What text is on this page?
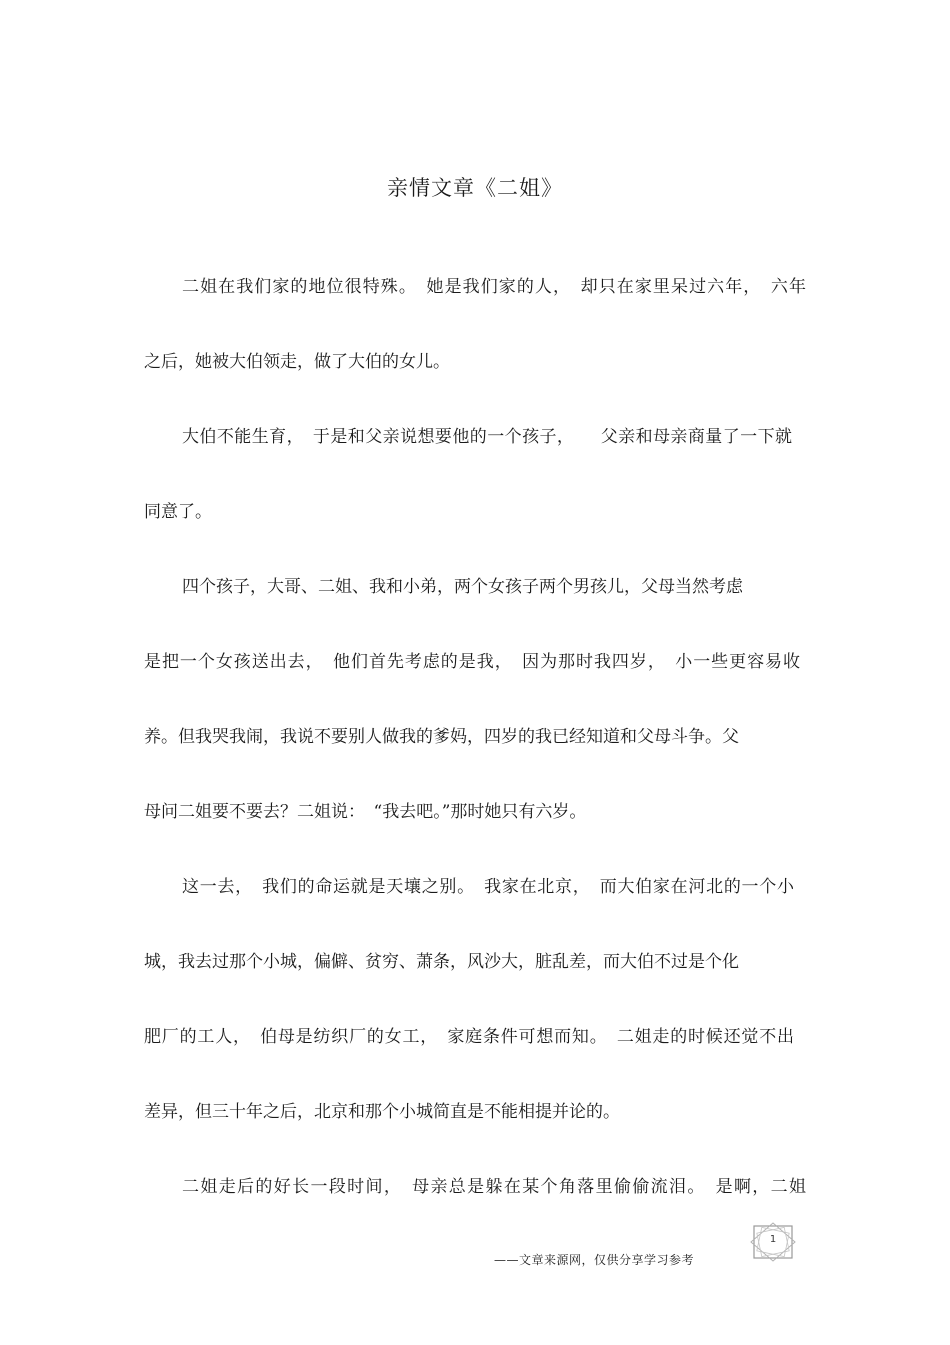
亲情文章《二姐》
二姐在我们家的地位很特殊。　她是我们家的人，　却只在家里呆过六年，　六年
之后，她被大伯领走，做了大伯的女儿。
大伯不能生育，　于是和父亲说想要他的一个孩子，　　父亲和母亲商量了一下就
同意了。
四个孩子，大哥、二姐、我和小弟，两个女孩子两个男孩儿，父母当然考虑
是把一个女孩送出去，　他们首先考虑的是我，　因为那时我四岁，　小一些更容易收
养。但我哭我闹，我说不要别人做我的爹妈，四岁的我已经知道和父母斗争。父
母问二姐要不要去？二姐说：　“我去吧。”那时她只有六岁。
这一去，　我们的命运就是天壤之别。　我家在北京，　而大伯家在河北的一个小
城，我去过那个小城，偏僻、贫穷、萧条，风沙大，脏乱差，而大伯不过是个化
肥厂的工人，　伯母是纺织厂的女工，　家庭条件可想而知。　二姐走的时候还觉不出
差异，但三十年之后，北京和那个小城简直是不能相提并论的。
二姐走后的好长一段时间，　母亲总是躲在某个角落里偷偷流泪。　是啊，二姐
——文章来源网，仅供分享学习参考
1
